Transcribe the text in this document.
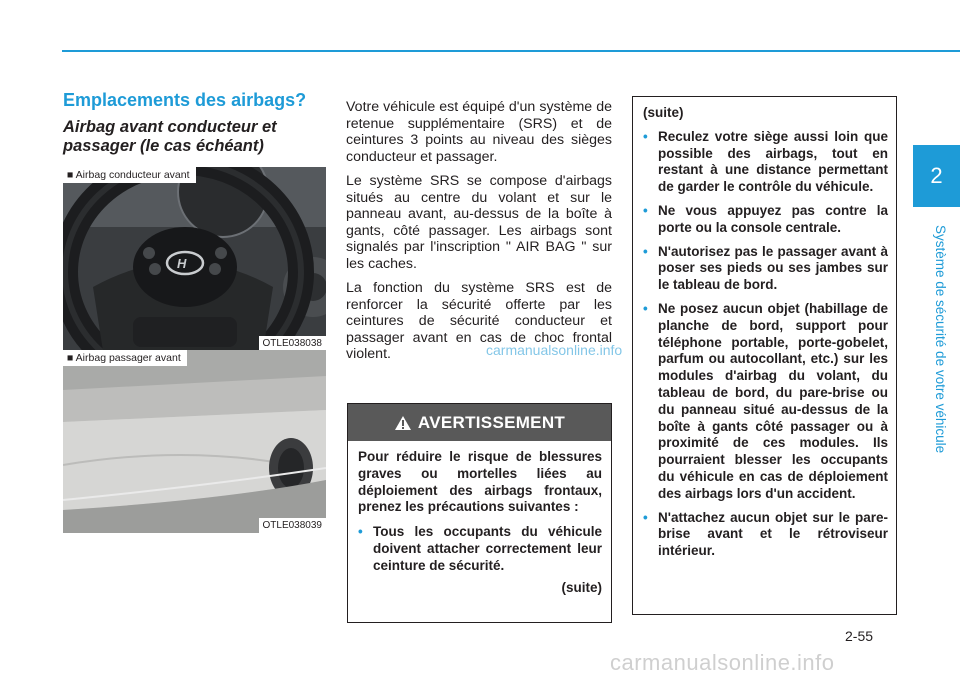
2
Système de sécurité de votre véhicule
Emplacements des airbags?
Airbag avant conducteur et passager (le cas échéant)
H
■ Airbag conducteur avant
OTLE038038
■ Airbag passager avant
OTLE038039

Votre véhicule est équipé d'un système de retenue supplémentaire (SRS) et de ceintures 3 points au niveau des sièges conducteur et passager.

Le système SRS se compose d'airbags situés au centre du volant et sur le panneau avant, au-dessus de la boîte à gants, côté passager. Les airbags sont signalés par l'inscription " AIR BAG " sur les caches.

La fonction du système SRS est de renforcer la sécurité offerte par les ceintures de sécurité conducteur et passager avant en cas de choc frontal violent.	carmanualsonline.info
AVERTISSEMENT

Pour réduire le risque de blessures graves ou mortelles liées au déploiement des airbags frontaux, prenez les précautions suivantes :

• Tous les occupants du véhicule doivent attacher correctement leur ceinture de sécurité.
(suite)
(suite)
• Reculez votre siège aussi loin que possible des airbags, tout en restant à une distance permettant de garder le contrôle du véhicule.
• Ne vous appuyez pas contre la porte ou la console centrale.
• N'autorisez pas le passager avant à poser ses pieds ou ses jambes sur le tableau de bord.
• Ne posez aucun objet (habillage de planche de bord, support pour téléphone portable, porte-gobelet, parfum ou autocollant, etc.) sur les modules d'airbag du volant, du tableau de bord, du pare-brise ou du panneau situé au-dessus de la boîte à gants côté passager ou à proximité de ces modules. Ils pourraient blesser les occupants du véhicule en cas de déploiement des airbags lors d'un accident.
• N'attachez aucun objet sur le pare-brise avant et le rétroviseur intérieur.
2-55
carmanualsonline.info
